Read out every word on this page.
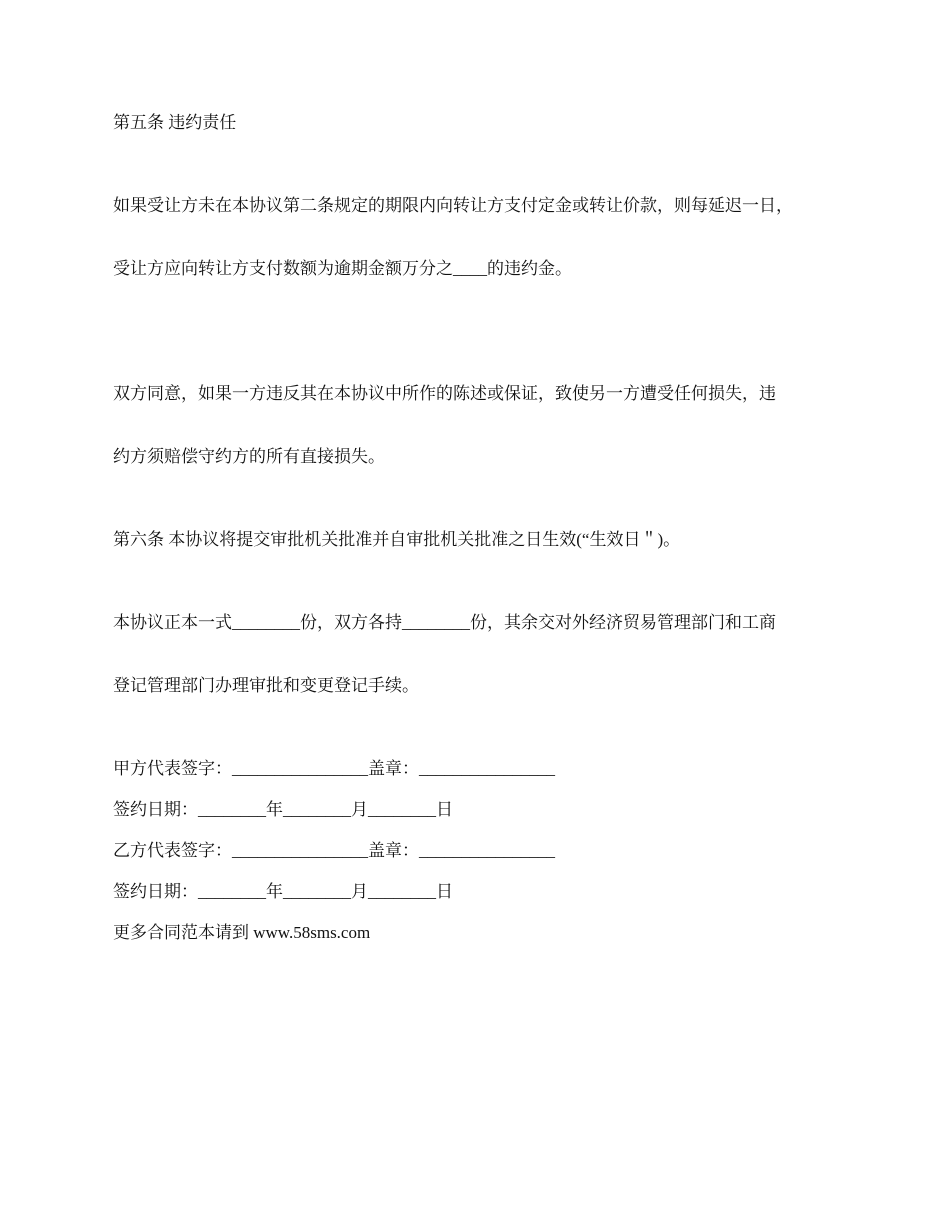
第五条 违约责任

如果受让方未在本协议第二条规定的期限内向转让方支付定金或转让价款，则每延迟一日，

受让方应向转让方支付数额为逾期金额万分之____的违约金。

双方同意，如果一方违反其在本协议中所作的陈述或保证，致使另一方遭受任何损失，违

约方须赔偿守约方的所有直接损失。

第六条 本协议将提交审批机关批准并自审批机关批准之日生效(“生效日＂)。

本协议正本一式________份，双方各持________份，其余交对外经济贸易管理部门和工商

登记管理部门办理审批和变更登记手续。

甲方代表签字：________________盖章：________________

签约日期：________年________月________日

乙方代表签字：________________盖章：________________

签约日期：________年________月________日

更多合同范本请到 www.58sms.com
